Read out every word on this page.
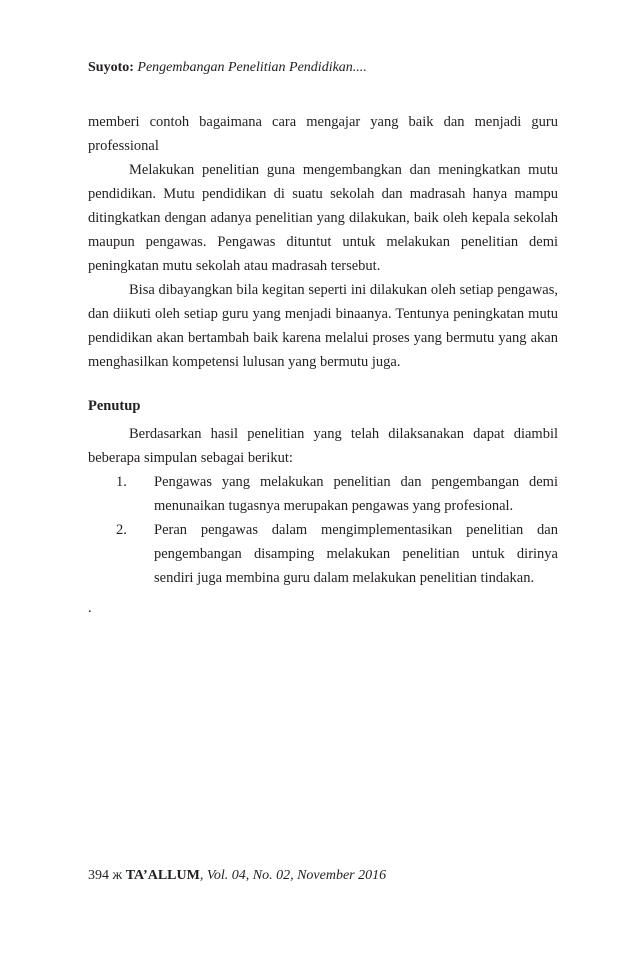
Suyoto: Pengembangan Penelitian Pendidikan....

memberi contoh bagaimana cara mengajar yang baik dan menjadi guru professional

Melakukan penelitian guna mengembangkan dan meningkatkan mutu pendidikan. Mutu pendidikan di suatu sekolah dan madrasah hanya mampu ditingkatkan dengan adanya penelitian yang dilakukan, baik oleh kepala sekolah maupun pengawas. Pengawas dituntut untuk melakukan penelitian demi peningkatan mutu sekolah atau madrasah tersebut.

Bisa dibayangkan bila kegitan seperti ini dilakukan oleh setiap pengawas, dan diikuti oleh setiap guru yang menjadi binaanya. Tentunya peningkatan mutu pendidikan akan bertambah baik karena melalui proses yang bermutu yang akan menghasilkan kompetensi lulusan yang bermutu juga.

Penutup

Berdasarkan hasil penelitian yang telah dilaksanakan dapat diambil beberapa simpulan sebagai berikut:

1. Pengawas yang melakukan penelitian dan pengembangan demi menunaikan tugasnya merupakan pengawas yang profesional.
2. Peran pengawas dalam mengimplementasikan penelitian dan pengembangan disamping melakukan penelitian untuk dirinya sendiri juga membina guru dalam melakukan penelitian tindakan.
.
394 ж TA’ALLUM, Vol. 04, No. 02, November 2016
